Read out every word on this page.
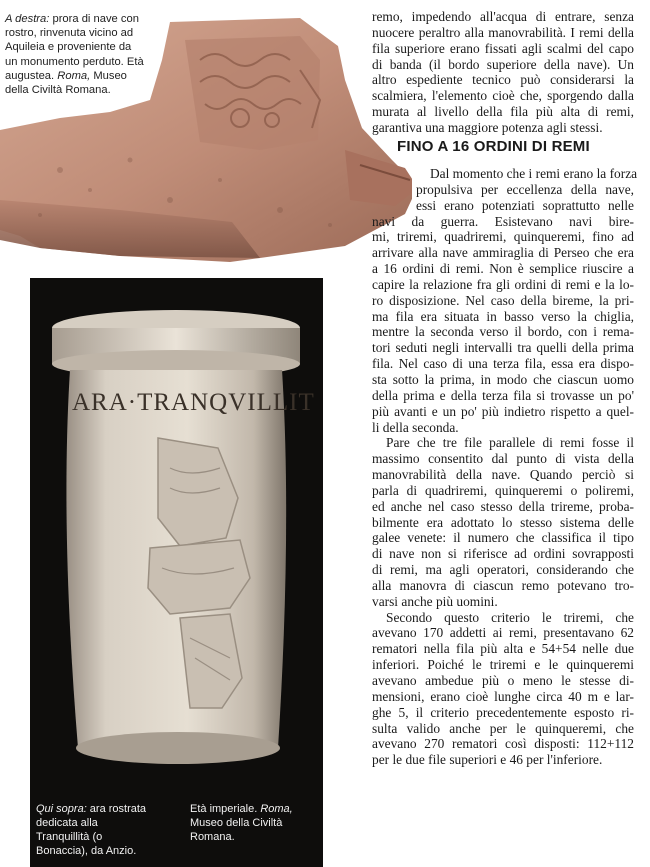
A destra: prora di nave con rostro, rinvenuta vicino ad Aquileia e proveniente da un monumento perduto. Età augustea. Roma, Museo della Civiltà Romana.

ARA·TRANQVILLIT

Qui sopra: ara rostrata dedicata alla Tranquillità (o Bonaccia), da Anzio.

Età imperiale. Roma, Museo della Civiltà Romana.

remo, impedendo all'acqua di entrare, senza nuocere peraltro alla manovrabilità. I remi della fila superiore erano fissati agli scalmi del capo di banda (il bordo superiore della nave). Un altro espediente tecnico può considerarsi la scalmiera, l'elemento cioè che, sporgendo dalla murata al livello della fila più alta di remi, garantiva una maggiore potenza agli stessi.

FINO A 16 ORDINI DI REMI
Dal momento che i remi erano la forza
propulsiva per eccellenza della nave,
essi erano potenziati soprattutto nelle
navi da guerra. Esistevano navi bire-
mi, triremi, quadriremi, quinqueremi, fino ad
arrivare alla nave ammiraglia di Perseo che era
a 16 ordini di remi. Non è semplice riuscire a
capire la relazione fra gli ordini di remi e la lo-
ro disposizione. Nel caso della bireme, la pri-
ma fila era situata in basso verso la chiglia,
mentre la seconda verso il bordo, con i rema-
tori seduti negli intervalli tra quelli della prima
fila. Nel caso di una terza fila, essa era dispo-
sta sotto la prima, in modo che ciascun uomo
della prima e della terza fila si trovasse un po'
più avanti e un po' più indietro rispetto a quel-
li della seconda.
Pare che tre file parallele di remi fosse il
massimo consentito dal punto di vista della
manovrabilità della nave. Quando perciò si
parla di quadriremi, quinqueremi o poliremi,
ed anche nel caso stesso della trireme, proba-
bilmente era adottato lo stesso sistema delle
galee venete: il numero che classifica il tipo
di nave non si riferisce ad ordini sovrapposti
di remi, ma agli operatori, considerando che
alla manovra di ciascun remo potevano tro-
varsi anche più uomini.
Secondo questo criterio le triremi, che
avevano 170 addetti ai remi, presentavano 62
rematori nella fila più alta e 54+54 nelle due
inferiori. Poiché le triremi e le quinqueremi
avevano ambedue più o meno le stesse di-
mensioni, erano cioè lunghe circa 40 m e lar-
ghe 5, il criterio precedentemente esposto ri-
sulta valido anche per le quinqueremi, che
avevano 270 rematori così disposti: 112+112
per le due file superiori e 46 per l'inferiore.
